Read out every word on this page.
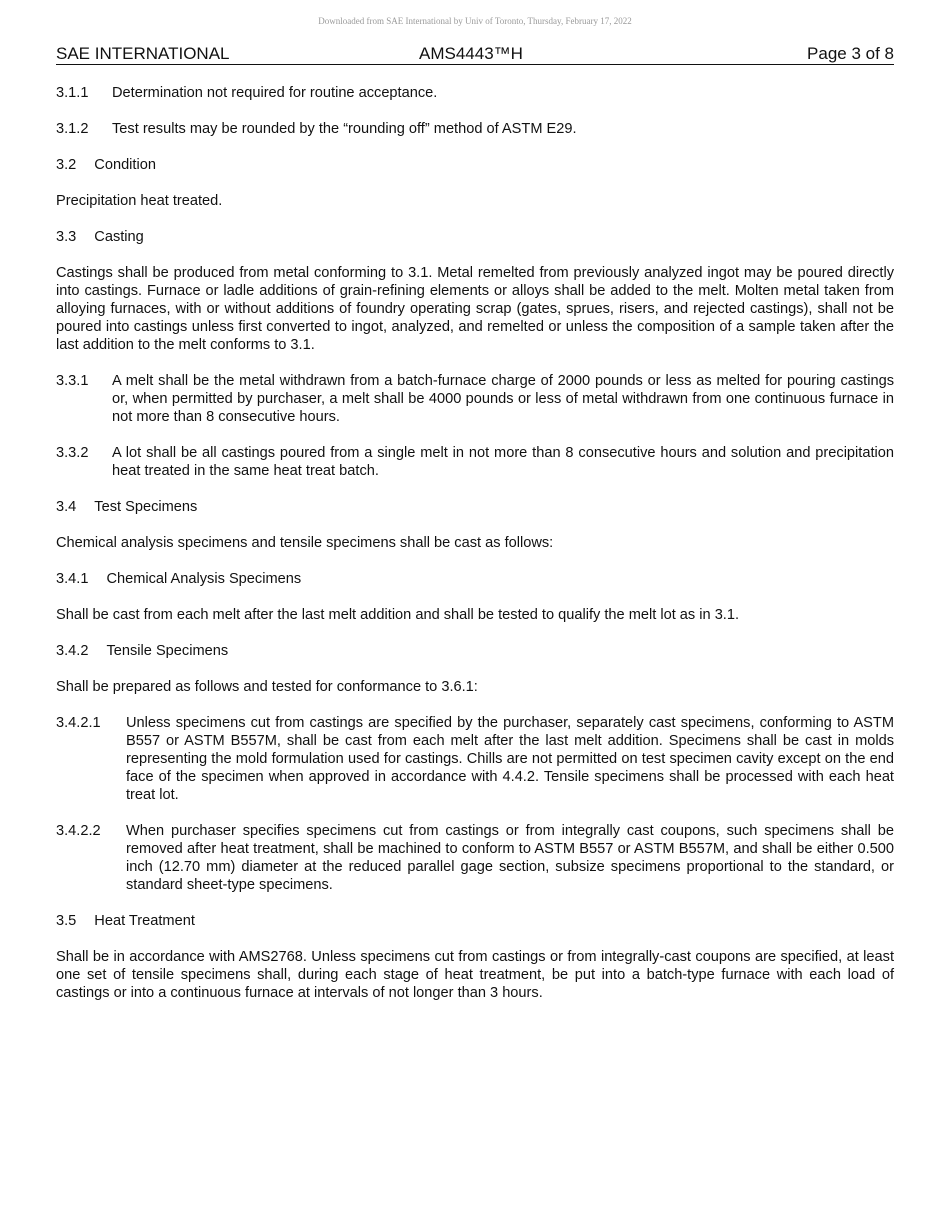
Downloaded from SAE International by Univ of Toronto, Thursday, February 17, 2022
SAE INTERNATIONAL	AMS4443™H	Page 3 of 8
3.1.1 Determination not required for routine acceptance.
3.1.2 Test results may be rounded by the “rounding off” method of ASTM E29.
3.2 Condition

Precipitation heat treated.

3.3 Casting

Castings shall be produced from metal conforming to 3.1. Metal remelted from previously analyzed ingot may be poured directly into castings. Furnace or ladle additions of grain-refining elements or alloys shall be added to the melt. Molten metal taken from alloying furnaces, with or without additions of foundry operating scrap (gates, sprues, risers, and rejected castings), shall not be poured into castings unless first converted to ingot, analyzed, and remelted or unless the composition of a sample taken after the last addition to the melt conforms to 3.1.

3.3.1 A melt shall be the metal withdrawn from a batch-furnace charge of 2000 pounds or less as melted for pouring castings or, when permitted by purchaser, a melt shall be 4000 pounds or less of metal withdrawn from one continuous furnace in not more than 8 consecutive hours.
3.3.2 A lot shall be all castings poured from a single melt in not more than 8 consecutive hours and solution and precipitation heat treated in the same heat treat batch.
3.4 Test Specimens

Chemical analysis specimens and tensile specimens shall be cast as follows:

3.4.1 Chemical Analysis Specimens

Shall be cast from each melt after the last melt addition and shall be tested to qualify the melt lot as in 3.1.

3.4.2 Tensile Specimens

Shall be prepared as follows and tested for conformance to 3.6.1:

3.4.2.1 Unless specimens cut from castings are specified by the purchaser, separately cast specimens, conforming to ASTM B557 or ASTM B557M, shall be cast from each melt after the last melt addition. Specimens shall be cast in molds representing the mold formulation used for castings. Chills are not permitted on test specimen cavity except on the end face of the specimen when approved in accordance with 4.4.2. Tensile specimens shall be processed with each heat treat lot.
3.4.2.2 When purchaser specifies specimens cut from castings or from integrally cast coupons, such specimens shall be removed after heat treatment, shall be machined to conform to ASTM B557 or ASTM B557M, and shall be either 0.500 inch (12.70 mm) diameter at the reduced parallel gage section, subsize specimens proportional to the standard, or standard sheet-type specimens.
3.5 Heat Treatment

Shall be in accordance with AMS2768. Unless specimens cut from castings or from integrally-cast coupons are specified, at least one set of tensile specimens shall, during each stage of heat treatment, be put into a batch-type furnace with each load of castings or into a continuous furnace at intervals of not longer than 3 hours.
